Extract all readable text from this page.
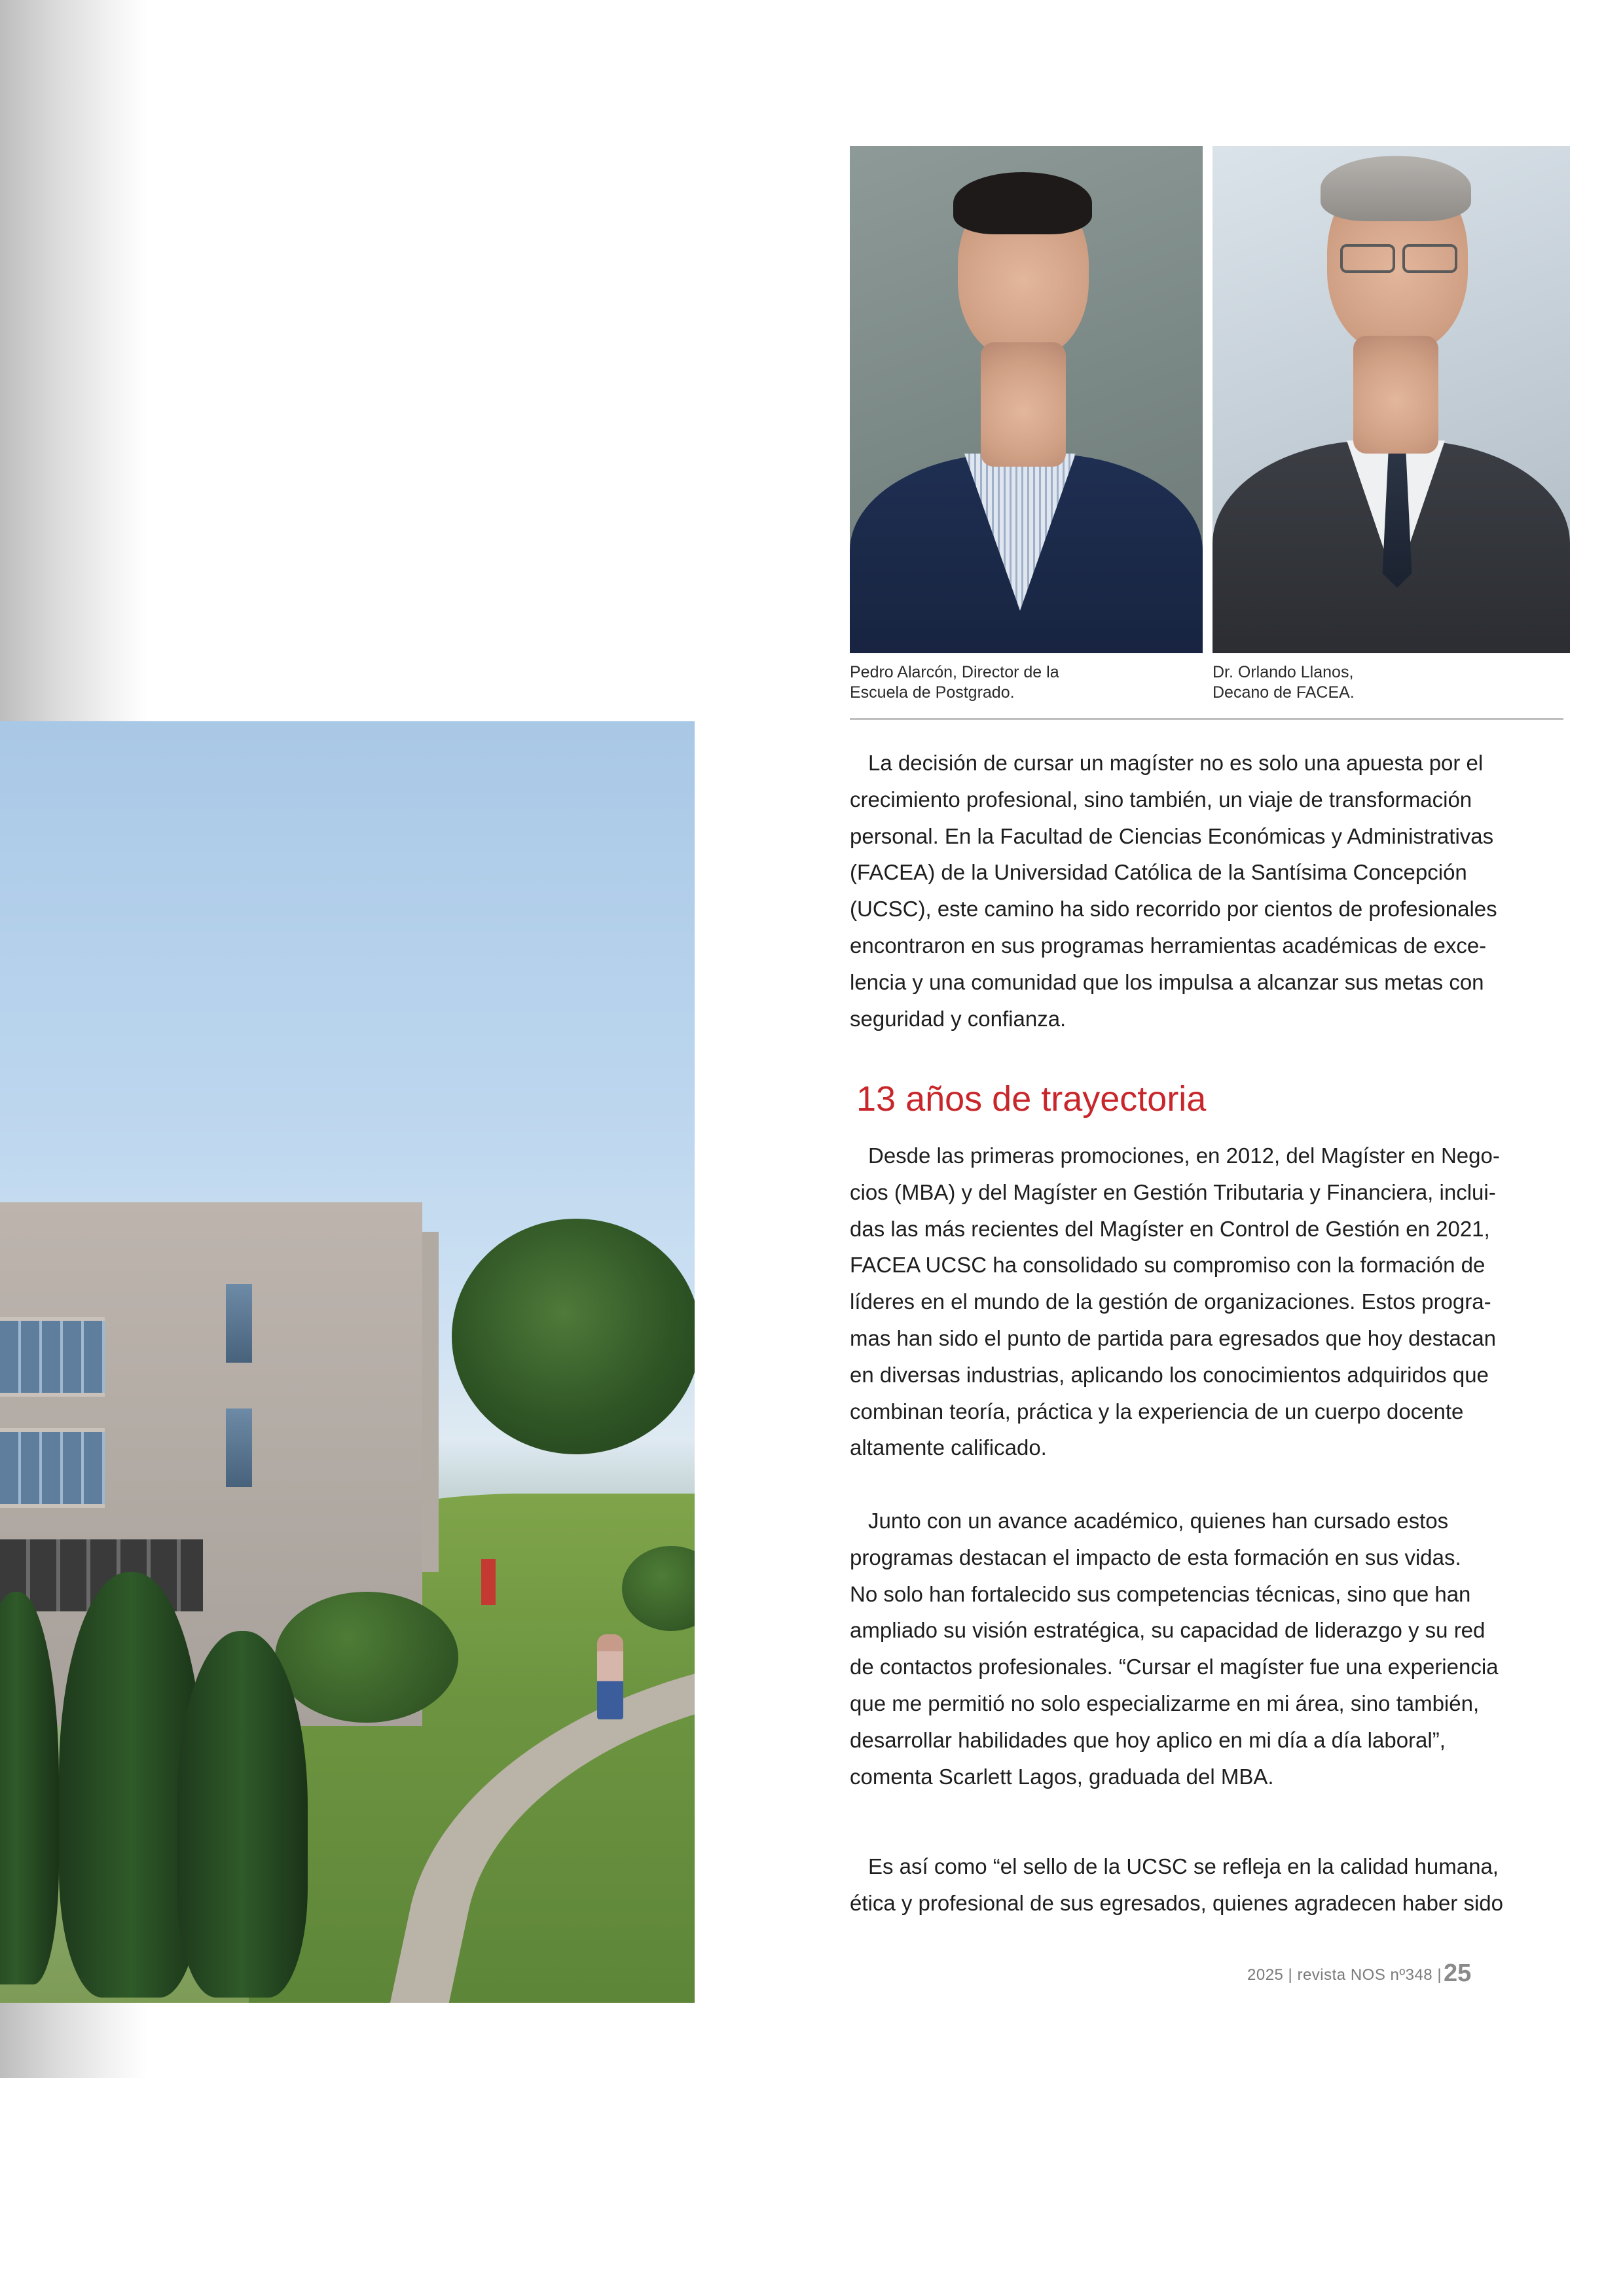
Pedro Alarcón, Director de la
Escuela de Postgrado.
Dr. Orlando Llanos,
Decano de FACEA.
La decisión de cursar un magíster no es solo una apuesta por el
crecimiento profesional, sino también, un viaje de transformación
personal. En la Facultad de Ciencias Económicas y Administrativas
(FACEA) de la Universidad Católica de la Santísima Concepción
(UCSC), este camino ha sido recorrido por cientos de profesionales
encontraron en sus programas herramientas académicas de exce-
lencia y una comunidad que los impulsa a alcanzar sus metas con
seguridad y confianza.
13 años de trayectoria
Desde las primeras promociones, en 2012, del Magíster en Nego-
cios (MBA) y del Magíster en Gestión Tributaria y Financiera, inclui-
das las más recientes del Magíster en Control de Gestión en 2021,
FACEA UCSC ha consolidado su compromiso con la formación de
líderes en el mundo de la gestión de organizaciones. Estos progra-
mas han sido el punto de partida para egresados que hoy destacan
en diversas industrias, aplicando los conocimientos adquiridos que
combinan teoría, práctica y la experiencia de un cuerpo docente
altamente calificado.
Junto con un avance académico, quienes han cursado estos
programas destacan el impacto de esta formación en sus vidas.
No solo han fortalecido sus competencias técnicas, sino que han
ampliado su visión estratégica, su capacidad de liderazgo y su red
de contactos profesionales. “Cursar el magíster fue una experiencia
que me permitió no solo especializarme en mi área, sino también,
desarrollar habilidades que hoy aplico en mi día a día laboral”,
comenta Scarlett Lagos, graduada del MBA.
Es así como “el sello de la UCSC se refleja en la calidad humana,
ética y profesional de sus egresados, quienes agradecen haber sido
2025 | revista NOS nº348 | 25
